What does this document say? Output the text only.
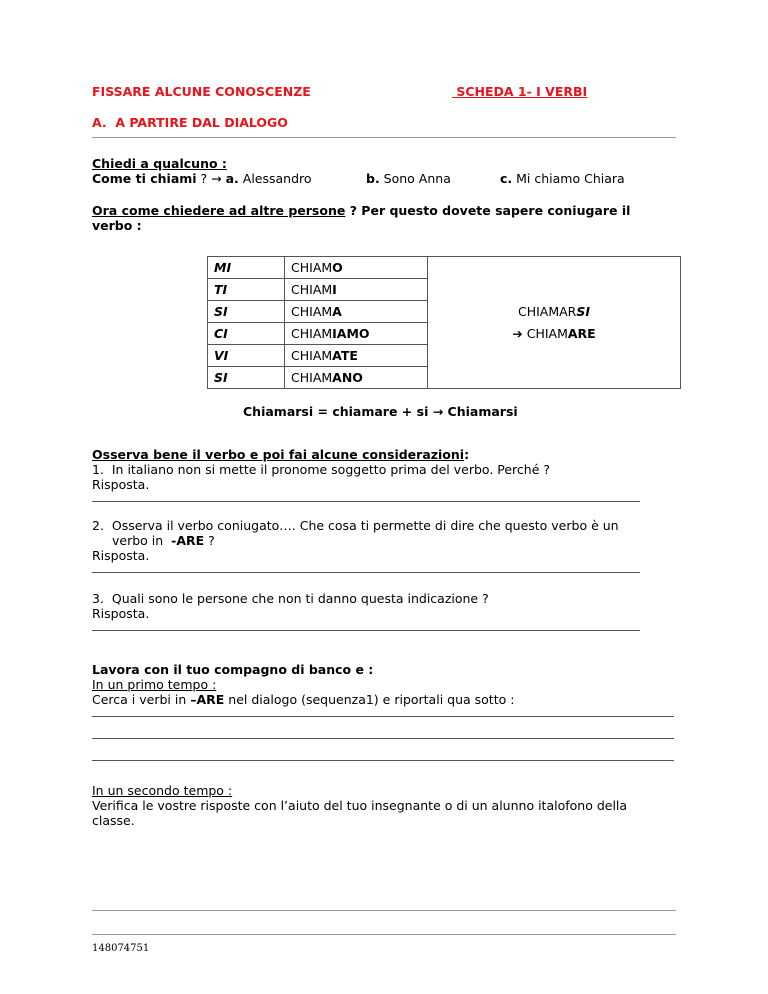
FISSARE ALCUNE CONOSCENZE	SCHEDA 1- I VERBI
A.  A PARTIRE DAL DIALOGO
Chiedi a qualcuno :
Come ti chiami ? → a. Alessandro	b. Sono Anna	c. Mi chiamo Chiara
Ora come chiedere ad altre persone ? Per questo dovete sapere coniugare il
verbo :
MI	CHIAMO	CHIAMARSI
➔ CHIAMARE

TI	CHIAMI	
SI	CHIAMA	
CI	CHIAMIAMO	
VI	CHIAMATE	
SI	CHIAMANO	
Chiamarsi = chiamare + si → Chiamarsi
Osserva bene il verbo e poi fai alcune considerazioni:
1.  In italiano non si mette il pronome soggetto prima del verbo. Perché ?
Risposta.
2.  Osserva il verbo coniugato…. Che cosa ti permette di dire che questo verbo è un
verbo in  -ARE ?
Risposta.
3.  Quali sono le persone che non ti danno questa indicazione ?
Risposta.
Lavora con il tuo compagno di banco e :
In un primo tempo :
Cerca i verbi in –ARE nel dialogo (sequenza1) e riportali qua sotto :
In un secondo tempo :
Verifica le vostre risposte con l’aiuto del tuo insegnante o di un alunno italofono della
classe.
148074751
